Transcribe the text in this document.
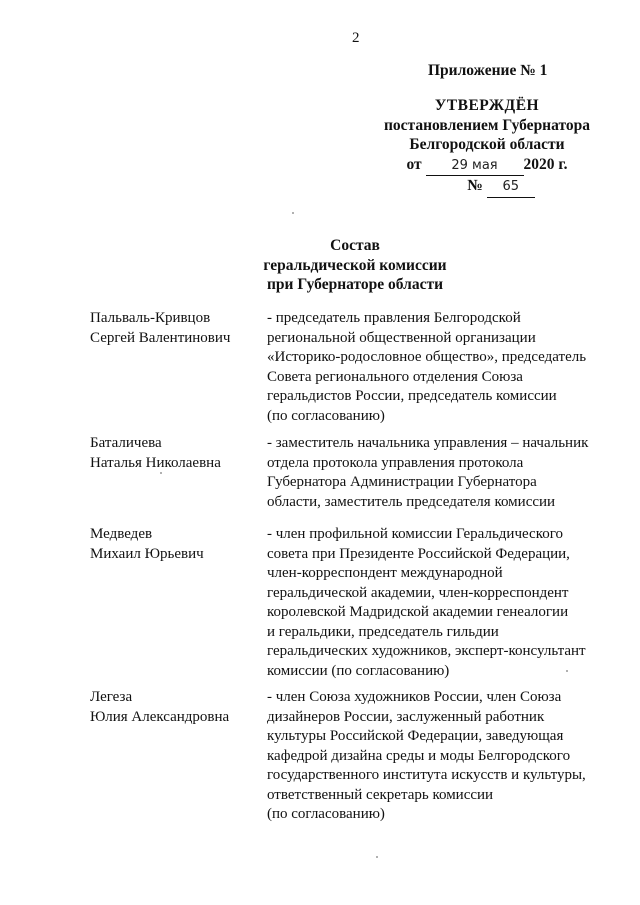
2
Приложение № 1
УТВЕРЖДЁН
постановлением Губернатора
Белгородской области
от 29 мая 2020 г.
№ 65
Состав
геральдической комиссии
при Губернаторе области
Пальваль-Кривцов
Сергей Валентинович
- председатель правления Белгородской
региональной общественной организации
«Историко-родословное общество», председатель
Совета регионального отделения Союза
геральдистов России, председатель комиссии
(по согласованию)
Баталичева
Наталья Николаевна
- заместитель начальника управления – начальник
отдела протокола управления протокола
Губернатора Администрации Губернатора
области, заместитель председателя комиссии
Медведев
Михаил Юрьевич
- член профильной комиссии Геральдического
совета при Президенте Российской Федерации,
член-корреспондент международной
геральдической академии, член-корреспондент
королевской Мадридской академии генеалогии
и геральдики, председатель гильдии
геральдических художников, эксперт-консультант
комиссии (по согласованию)
Легеза
Юлия Александровна
- член Союза художников России, член Союза
дизайнеров России, заслуженный работник
культуры Российской Федерации, заведующая
кафедрой дизайна среды и моды Белгородского
государственного института искусств и культуры,
ответственный секретарь комиссии
(по согласованию)
